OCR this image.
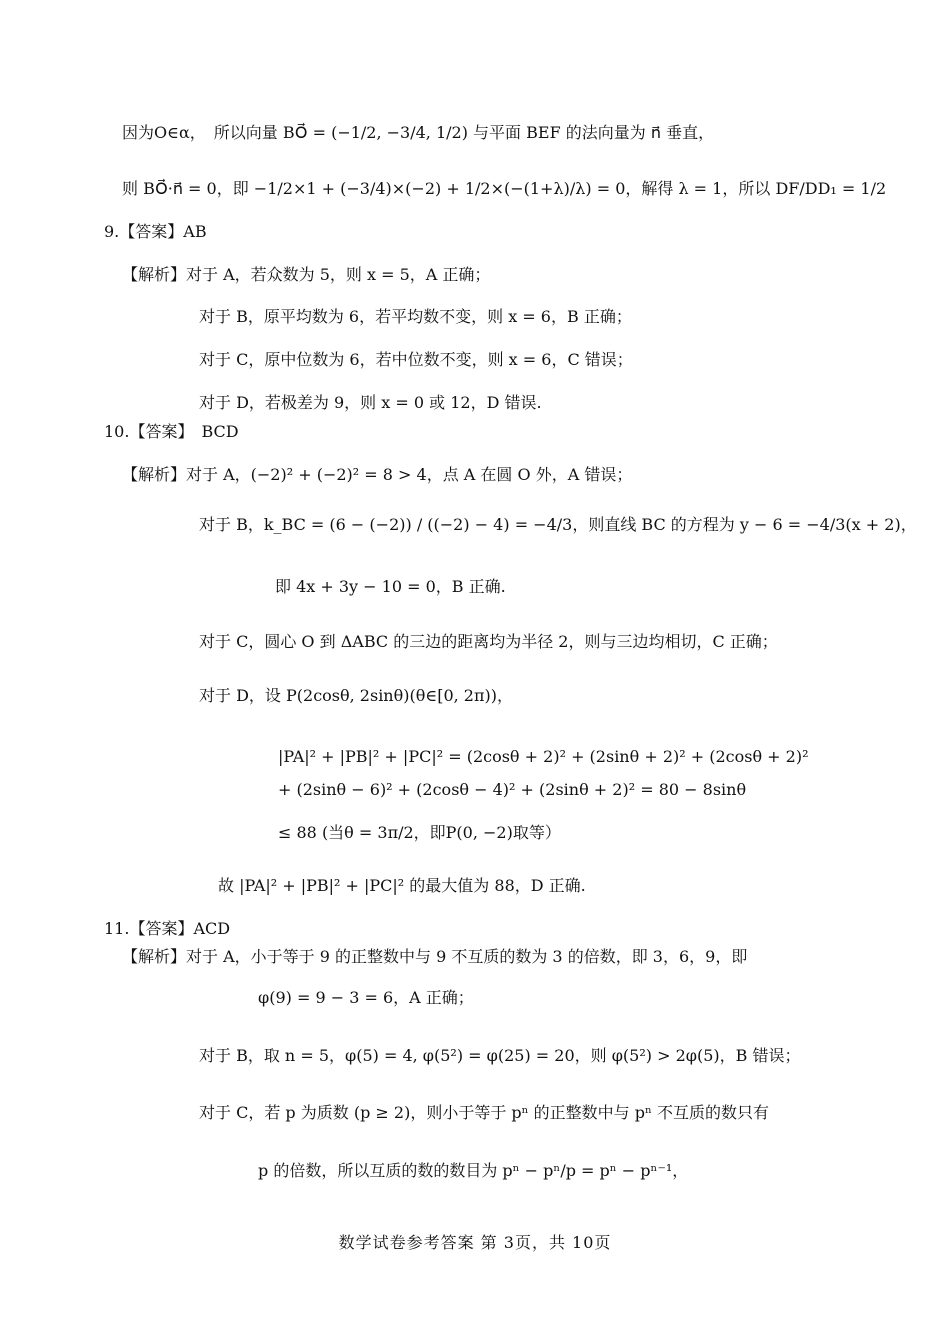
因为O∈α，　所以向量 BO⃗ = (−1/2, −3/4, 1/2) 与平面 BEF 的法向量为 n⃗ 垂直，
则 BO⃗·n⃗ = 0，即 −1/2×1 + (−3/4)×(−2) + 1/2×(−(1+λ)/λ) = 0，解得 λ = 1，所以 DF/DD₁ = 1/2
9.【答案】AB
【解析】对于 A，若众数为 5，则 x = 5，A 正确；
对于 B，原平均数为 6，若平均数不变，则 x = 6，B 正确；
对于 C，原中位数为 6，若中位数不变，则 x = 6，C 错误；
对于 D，若极差为 9，则 x = 0 或 12，D 错误.
10.【答案】　BCD
【解析】对于 A，(−2)² + (−2)² = 8 > 4，点 A 在圆 O 外，A 错误；
对于 B，k_BC = (6 − (−2)) / ((−2) − 4) = −4/3，则直线 BC 的方程为 y − 6 = −4/3(x + 2)，
即 4x + 3y − 10 = 0，B 正确.
对于 C，圆心 O 到 ΔABC 的三边的距离均为半径 2，则与三边均相切，C 正确；
对于 D，设 P(2cosθ, 2sinθ)(θ∈[0, 2π))，
|PA|² + |PB|² + |PC|² = (2cosθ + 2)² + (2sinθ + 2)² + (2cosθ + 2)²
+ (2sinθ − 6)² + (2cosθ − 4)² + (2sinθ + 2)² = 80 − 8sinθ
≤ 88 (当θ = 3π/2，即P(0, −2)取等）
故 |PA|² + |PB|² + |PC|² 的最大值为 88，D 正确.
11.【答案】ACD
【解析】对于 A，小于等于 9 的正整数中与 9 不互质的数为 3 的倍数，即 3，6，9，即
φ(9) = 9 − 3 = 6，A 正确；
对于 B，取 n = 5，φ(5) = 4, φ(5²) = φ(25) = 20，则 φ(5²) > 2φ(5)，B 错误；
对于 C，若 p 为质数 (p ≥ 2)，则小于等于 pⁿ 的正整数中与 pⁿ 不互质的数只有
p 的倍数，所以互质的数的数目为 pⁿ − pⁿ/p = pⁿ − pⁿ⁻¹，
数学试卷参考答案 第 3页，共 10页
